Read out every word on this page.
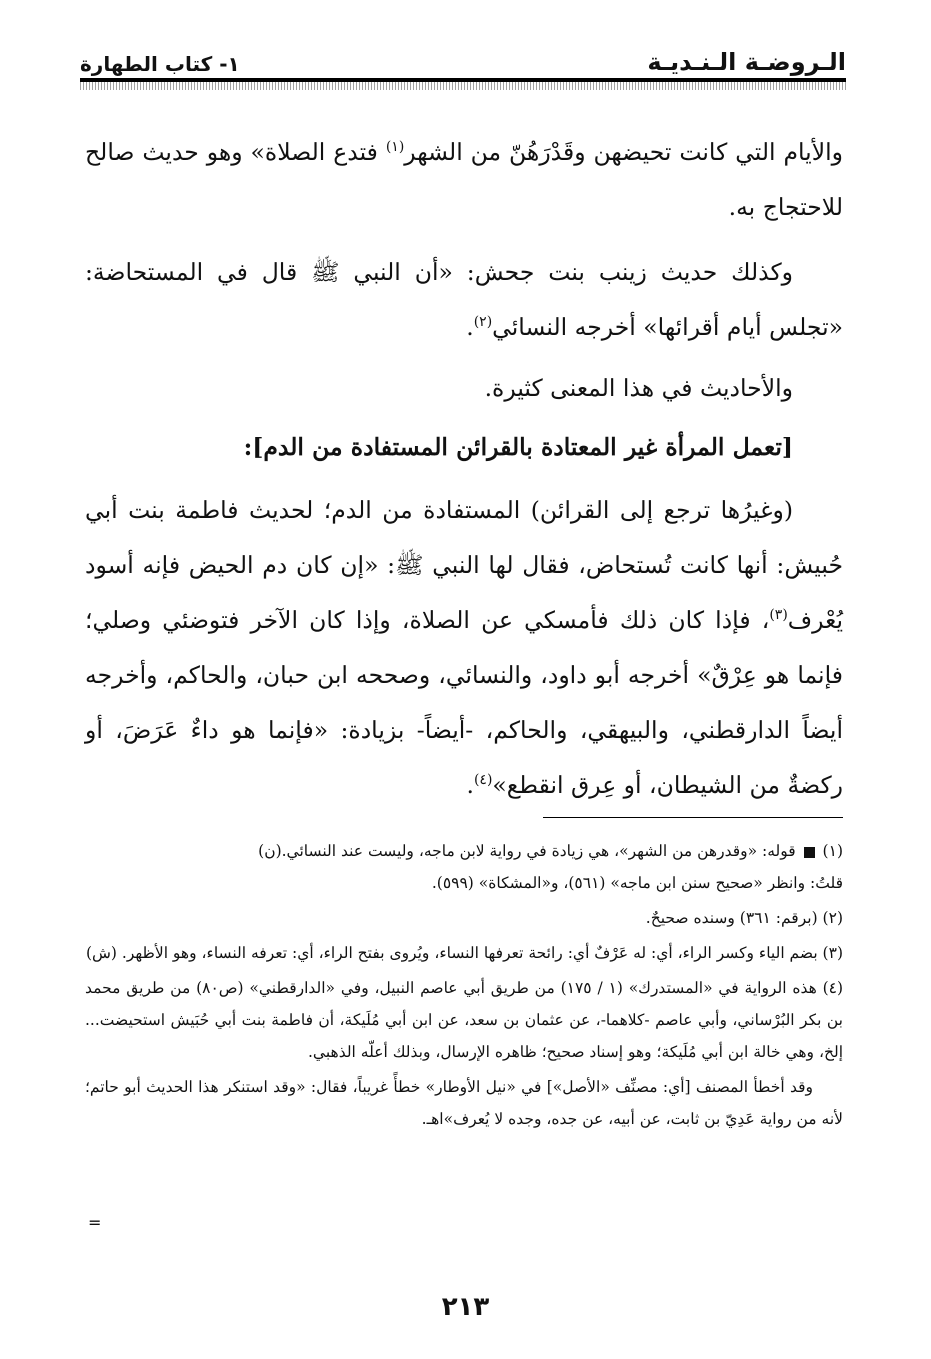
الـروضـة الـنـديـة
١- كتاب الطهارة

والأيام التي كانت تحيضهن وقَدْرَهُنّ من الشهر$^{(١)}$ فتدع الصلاة» وهو حديث صالح للاحتجاج به.

وكذلك حديث زينب بنت جحش: «أن النبي ﷺ قال في المستحاضة: «تجلس أيام أقرائها» أخرجه النسائي$^{(٢)}$.

والأحاديث في هذا المعنى كثيرة.

[تعمل المرأة غير المعتادة بالقرائن المستفادة من الدم]:

(وغيرُها ترجع إلى القرائن) المستفادة من الدم؛ لحديث فاطمة بنت أبي حُبيش: أنها كانت تُستحاض، فقال لها النبي ﷺ: «إن كان دم الحيض فإنه أسود يُعْرف$^{(٣)}$، فإذا كان ذلك فأمسكي عن الصلاة، وإذا كان الآخر فتوضئي وصلي؛ فإنما هو عِرْقٌ» أخرجه أبو داود، والنسائي، وصححه ابن حبان، والحاكم، وأخرجه أيضاً الدارقطني، والبيهقي، والحاكم، -أيضاً- بزيادة: «فإنما هو داءٌ عَرَضَ، أو ركضةٌ من الشيطان، أو عِرق انقطع»$^{(٤)}$.

(١)  قوله: «وقدرهن من الشهر»، هي زيادة في رواية لابن ماجه، وليست عند النسائي.(ن)
قلتُ: وانظر «صحيح سنن ابن ماجه» (٥٦١)، و«المشكاة» (٥٩٩).

(٢) (برقم: ٣٦١) وسنده صحيحٌ.

(٣) بضم الياء وكسر الراء، أي: له عَرْفٌ أي: رائحة تعرفها النساء، ويُروى بفتح الراء، أي: تعرفه النساء، وهو الأظهر. (ش)

(٤) هذه الرواية في «المستدرك» (١ / ١٧٥) من طريق أبي عاصم النبيل، وفي «الدارقطني» (ص٨٠) من طريق محمد بن بكر البُرْساني، وأبي عاصم -كلاهما-، عن عثمان بن سعد، عن ابن أبي مُلَيكة، أن فاطمة بنت أبي حُبَيش استحيضت... إلخ، وهي خالة ابن أبي مُلَيكة؛ وهو إسناد صحيح؛ ظاهره الإرسال، وبذلك أعلّه الذهبي.

وقد أخطأ المصنف [أي: مصنِّف «الأصل»] في «نيل الأوطار» خطأً غريباً، فقال: «وقد استنكر هذا الحديث أبو حاتم؛ لأنه من رواية عَدِيّ بن ثابت، عن أبيه، عن جده، وجده لا يُعرف»اهـ.

=
٢١٣
